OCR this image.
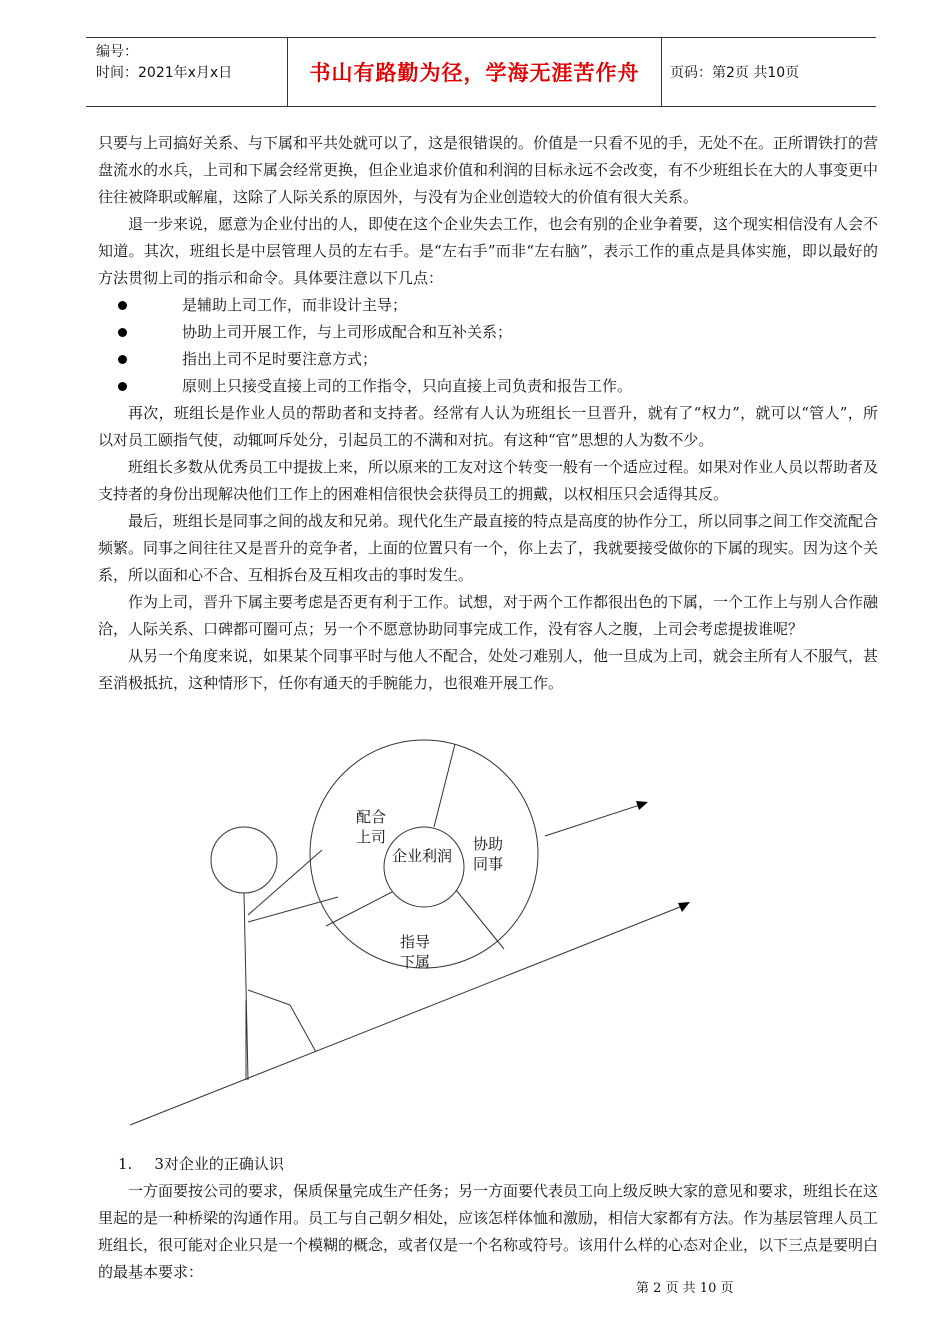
编号：
时间：2021年x月x日	书山有路勤为径，学海无涯苦作舟	页码：第2页 共10页

只要与上司搞好关系、与下属和平共处就可以了，这是很错误的。价值是一只看不见的手，无处不在。正所谓铁打的营盘流水的水兵，上司和下属会经常更换，但企业追求价值和利润的目标永远不会改变，有不少班组长在大的人事变更中往往被降职或解雇，这除了人际关系的原因外，与没有为企业创造较大的价值有很大关系。

退一步来说，愿意为企业付出的人，即使在这个企业失去工作，也会有别的企业争着要，这个现实相信没有人会不知道。其次，班组长是中层管理人员的左右手。是“左右手”而非“左右脑”，表示工作的重点是具体实施，即以最好的方法贯彻上司的指示和命令。具体要注意以下几点：

是辅助上司工作，而非设计主导；
协助上司开展工作，与上司形成配合和互补关系；
指出上司不足时要注意方式；
原则上只接受直接上司的工作指令，只向直接上司负责和报告工作。

再次，班组长是作业人员的帮助者和支持者。经常有人认为班组长一旦晋升，就有了“权力”，就可以“管人”，所以对员工颐指气使，动辄呵斥处分，引起员工的不满和对抗。有这种“官”思想的人为数不少。

班组长多数从优秀员工中提拔上来，所以原来的工友对这个转变一般有一个适应过程。如果对作业人员以帮助者及支持者的身份出现解决他们工作上的困难相信很快会获得员工的拥戴，以权相压只会适得其反。

最后，班组长是同事之间的战友和兄弟。现代化生产最直接的特点是高度的协作分工，所以同事之间工作交流配合频繁。同事之间往往又是晋升的竞争者，上面的位置只有一个，你上去了，我就要接受做你的下属的现实。因为这个关系，所以面和心不合、互相拆台及互相攻击的事时发生。

作为上司，晋升下属主要考虑是否更有利于工作。试想，对于两个工作都很出色的下属，一个工作上与别人合作融洽，人际关系、口碑都可圈可点；另一个不愿意协助同事完成工作，没有容人之腹，上司会考虑提拔谁呢？

从另一个角度来说，如果某个同事平时与他人不配合，处处刁难别人，他一旦成为上司，就会主所有人不服气，甚至消极抵抗，这种情形下，任你有通天的手腕能力，也很难开展工作。

配合
上司
企业利润
协助
同事
指导
下属
1. 3对企业的正确认识

一方面要按公司的要求，保质保量完成生产任务；另一方面要代表员工向上级反映大家的意见和要求，班组长在这里起的是一种桥梁的沟通作用。员工与自己朝夕相处，应该怎样体恤和激励，相信大家都有方法。作为基层管理人员工班组长，很可能对企业只是一个模糊的概念，或者仅是一个名称或符号。该用什么样的心态对企业，以下三点是要明白的最基本要求：

第 2 页 共 10 页
